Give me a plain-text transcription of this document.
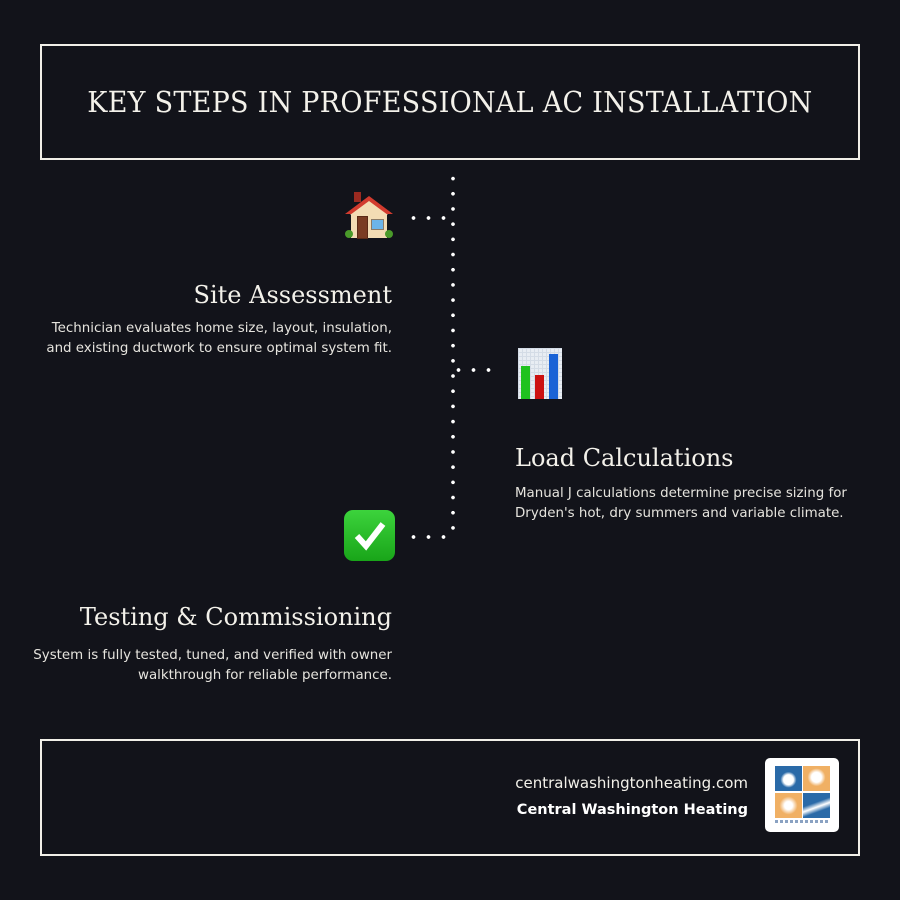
KEY STEPS IN PROFESSIONAL AC INSTALLATION
Site Assessment
Technician evaluates home size, layout, insulation, and existing ductwork to ensure optimal system fit.
Load Calculations
Manual J calculations determine precise sizing for Dryden's hot, dry summers and variable climate.
Testing & Commissioning
System is fully tested, tuned, and verified with owner walkthrough for reliable performance.
centralwashingtonheating.com
Central Washington Heating
